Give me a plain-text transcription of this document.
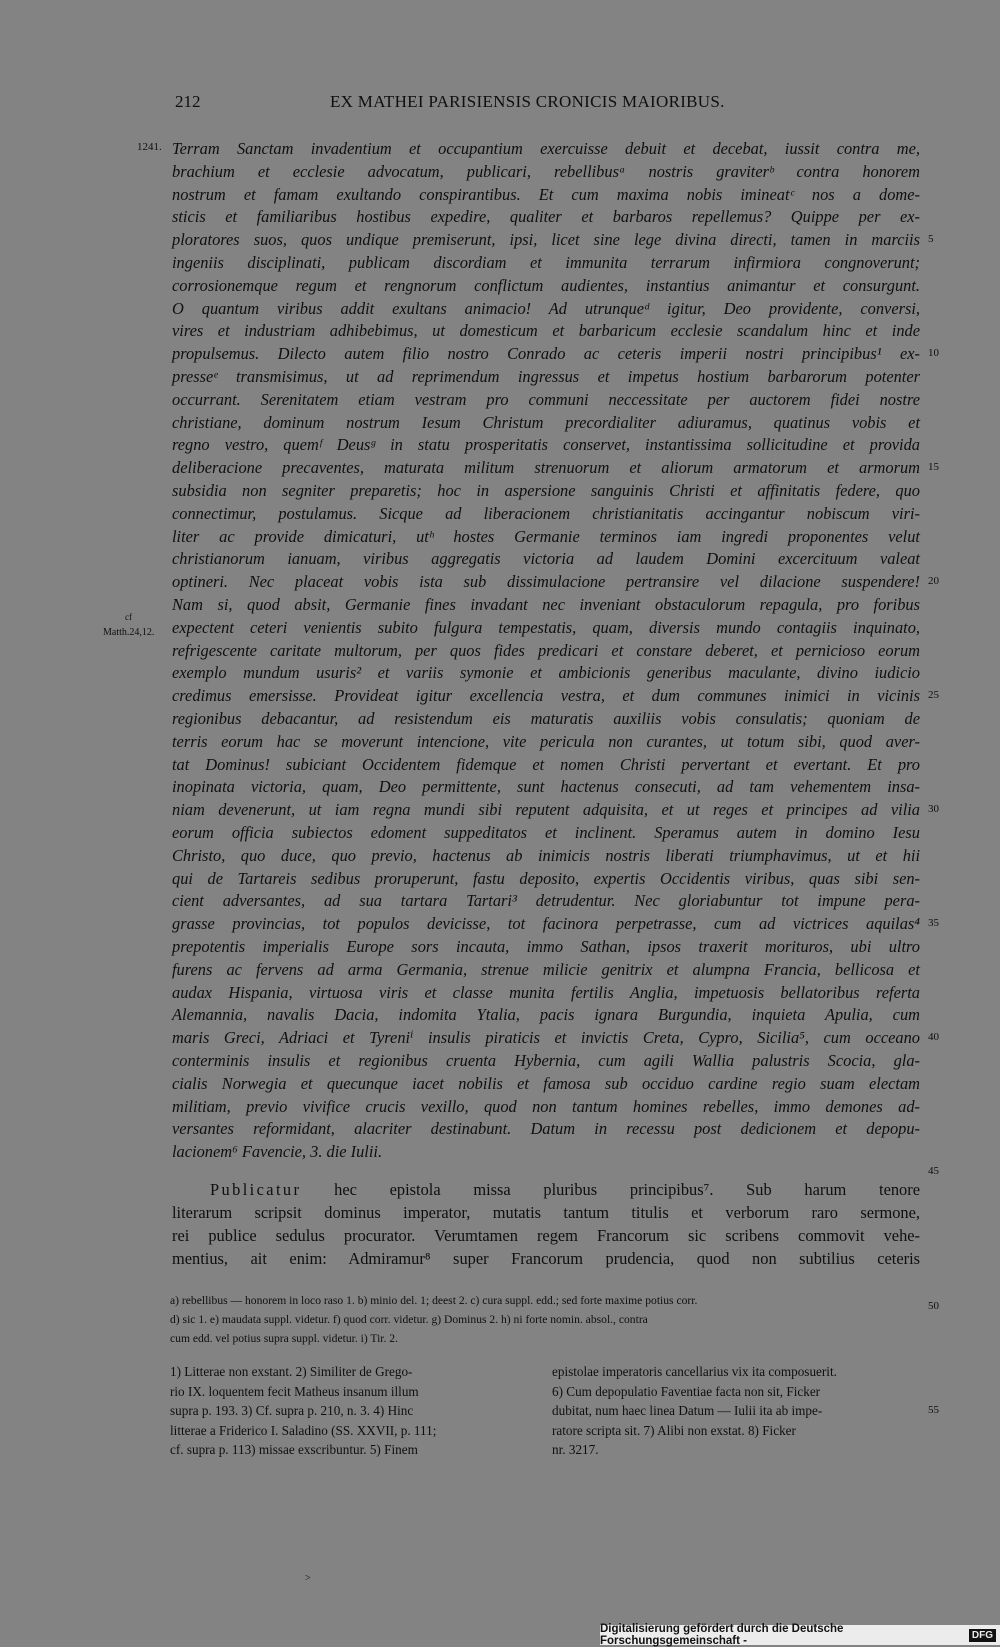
212	EX MATHEI PARISIENSIS CRONICIS MAIORIBUS.
1241.
cf
Matth.24,12.
Terram Sanctam invadentium et occupantium exercuisse debuit et decebat, iussit contra me,
brachium et ecclesie advocatum, publicari, rebellibusᵃ nostris graviterᵇ contra honorem
nostrum et famam exultando conspirantibus. Et cum maxima nobis imineatᶜ nos a dome-
sticis et familiaribus hostibus expedire, qualiter et barbaros repellemus? Quippe per ex-
ploratores suos, quos undique premiserunt, ipsi, licet sine lege divina directi, tamen in marciis
ingeniis disciplinati, publicam discordiam et immunita terrarum infirmiora congnoverunt;
corrosionemque regum et rengnorum conflictum audientes, instantius animantur et consurgunt.
O quantum viribus addit exultans animacio! Ad utrunqueᵈ igitur, Deo providente, conversi,
vires et industriam adhibebimus, ut domesticum et barbaricum ecclesie scandalum hinc et inde
propulsemus. Dilecto autem filio nostro Conrado ac ceteris imperii nostri principibus¹ ex-
presseᵉ transmisimus, ut ad reprimendum ingressus et impetus hostium barbarorum potenter
occurrant. Serenitatem etiam vestram pro communi neccessitate per auctorem fidei nostre
christiane, dominum nostrum Iesum Christum precordialiter adiuramus, quatinus vobis et
regno vestro, quemᶠ Deusᵍ in statu prosperitatis conservet, instantissima sollicitudine et provida
deliberacione precaventes, maturata militum strenuorum et aliorum armatorum et armorum
subsidia non segniter preparetis; hoc in aspersione sanguinis Christi et affinitatis federe, quo
connectimur, postulamus. Sicque ad liberacionem christianitatis accingantur nobiscum viri-
liter ac provide dimicaturi, utʰ hostes Germanie terminos iam ingredi proponentes velut
christianorum ianuam, viribus aggregatis victoria ad laudem Domini excercituum valeat
optineri. Nec placeat vobis ista sub dissimulacione pertransire vel dilacione suspendere!
Nam si, quod absit, Germanie fines invadant nec inveniant obstaculorum repagula, pro foribus
expectent ceteri venientis subito fulgura tempestatis, quam, diversis mundo contagiis inquinato,
refrigescente caritate multorum, per quos fides predicari et constare deberet, et pernicioso eorum
exemplo mundum usuris² et variis symonie et ambicionis generibus maculante, divino iudicio
credimus emersisse. Provideat igitur excellencia vestra, et dum communes inimici in vicinis
regionibus debacantur, ad resistendum eis maturatis auxiliis vobis consulatis; quoniam de
terris eorum hac se moverunt intencione, vite pericula non curantes, ut totum sibi, quod aver-
tat Dominus! subiciant Occidentem fidemque et nomen Christi pervertant et evertant. Et pro
inopinata victoria, quam, Deo permittente, sunt hactenus consecuti, ad tam vehementem insa-
niam devenerunt, ut iam regna mundi sibi reputent adquisita, et ut reges et principes ad vilia
eorum officia subiectos edoment suppeditatos et inclinent. Speramus autem in domino Iesu
Christo, quo duce, quo previo, hactenus ab inimicis nostris liberati triumphavimus, ut et hii
qui de Tartareis sedibus proruperunt, fastu deposito, expertis Occidentis viribus, quas sibi sen-
cient adversantes, ad sua tartara Tartari³ detrudentur. Nec gloriabuntur tot impune pera-
grasse provincias, tot populos devicisse, tot facinora perpetrasse, cum ad victrices aquilas⁴
prepotentis imperialis Europe sors incauta, immo Sathan, ipsos traxerit morituros, ubi ultro
furens ac fervens ad arma Germania, strenue milicie genitrix et alumpna Francia, bellicosa et
audax Hispania, virtuosa viris et classe munita fertilis Anglia, impetuosis bellatoribus referta
Alemannia, navalis Dacia, indomita Ytalia, pacis ignara Burgundia, inquieta Apulia, cum
maris Greci, Adriaci et Tyreniⁱ insulis piraticis et invictis Creta, Cypro, Sicilia⁵, cum occeano
conterminis insulis et regionibus cruenta Hybernia, cum agili Wallia palustris Scocia, gla-
cialis Norwegia et quecunque iacet nobilis et famosa sub occiduo cardine regio suam electam
militiam, previo vivifice crucis vexillo, quod non tantum homines rebelles, immo demones ad-
versantes reformidant, alacriter destinabunt. Datum in recessu post dedicionem et depopu-
lacionem⁶ Favencie, 3. die Iulii.
5
10
15
20
25
30
35
40
45
50
55
Publicatur hec epistola missa pluribus principibus⁷. Sub harum tenore
literarum scripsit dominus imperator, mutatis tantum titulis et verborum raro sermone,
rei publice sedulus procurator. Verumtamen regem Francorum sic scribens commovit vehe-
mentius, ait enim: Admiramur⁸ super Francorum prudencia, quod non subtilius ceteris
a) rebellibus — honorem in loco raso 1. b) minio del. 1; deest 2. c) cura suppl. edd.; sed forte maxime potius corr.
d) sic 1. e) maudata suppl. videtur. f) quod corr. videtur. g) Dominus 2. h) ni forte nomin. absol., contra
cum edd. vel potius supra suppl. videtur. i) Tir. 2.
1) Litterae non exstant. 2) Similiter de Grego-
rio IX. loquentem fecit Matheus insanum illum
supra p. 193. 3) Cf. supra p. 210, n. 3. 4) Hinc
litterae a Friderico I. Saladino (SS. XXVII, p. 111;
cf. supra p. 113) missae exscribuntur. 5) Finem
epistolae imperatoris cancellarius vix ita composuerit.
6) Cum depopulatio Faventiae facta non sit, Ficker
dubitat, num haec linea Datum — Iulii ita ab impe-
ratore scripta sit. 7) Alibi non exstat. 8) Ficker
nr. 3217.
>
Digitalisierung gefördert durch die Deutsche Forschungsgemeinschaft -	DFG
